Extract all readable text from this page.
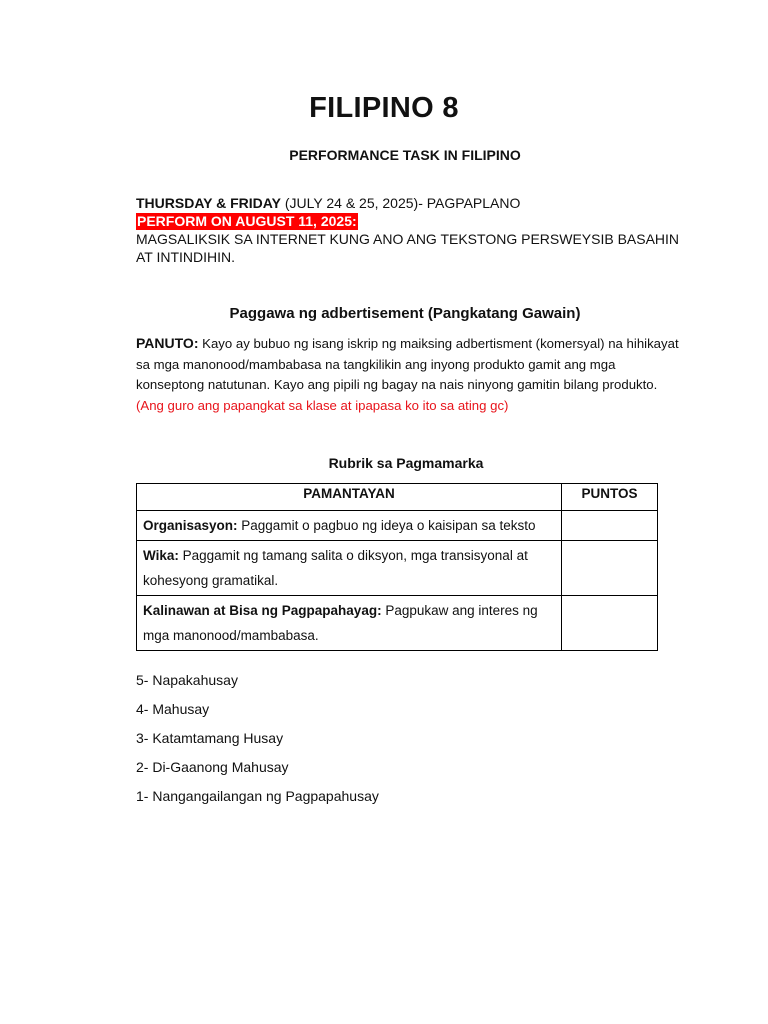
FILIPINO 8
PERFORMANCE TASK IN FILIPINO
THURSDAY & FRIDAY (JULY 24 & 25, 2025)- PAGPAPLANO
PERFORM ON AUGUST 11, 2025:
MAGSALIKSIK SA INTERNET KUNG ANO ANG TEKSTONG PERSWEYSIB BASAHIN AT INTINDIHIN.
Paggawa ng adbertisement (Pangkatang Gawain)
PANUTO: Kayo ay bubuo ng isang iskrip ng maiksing adbertisment (komersyal) na hihikayat sa mga manonood/mambabasa na tangkilikin ang inyong produkto gamit ang mga konseptong natutunan. Kayo ang pipili ng bagay na nais ninyong gamitin bilang produkto. (Ang guro ang papangkat sa klase at ipapasa ko ito sa ating gc)
Rubrik sa Pagmamarka
PAMANTAYAN	PUNTOS
Organisasyon: Paggamit o pagbuo ng ideya o kaisipan sa teksto	
Wika: Paggamit ng tamang salita o diksyon, mga transisyonal at kohesyong gramatikal.	
Kalinawan at Bisa ng Pagpapahayag: Pagpukaw ang interes ng mga manonood/mambabasa.	
5- Napakahusay
4- Mahusay
3- Katamtamang Husay
2- Di-Gaanong Mahusay
1- Nangangailangan ng Pagpapahusay
